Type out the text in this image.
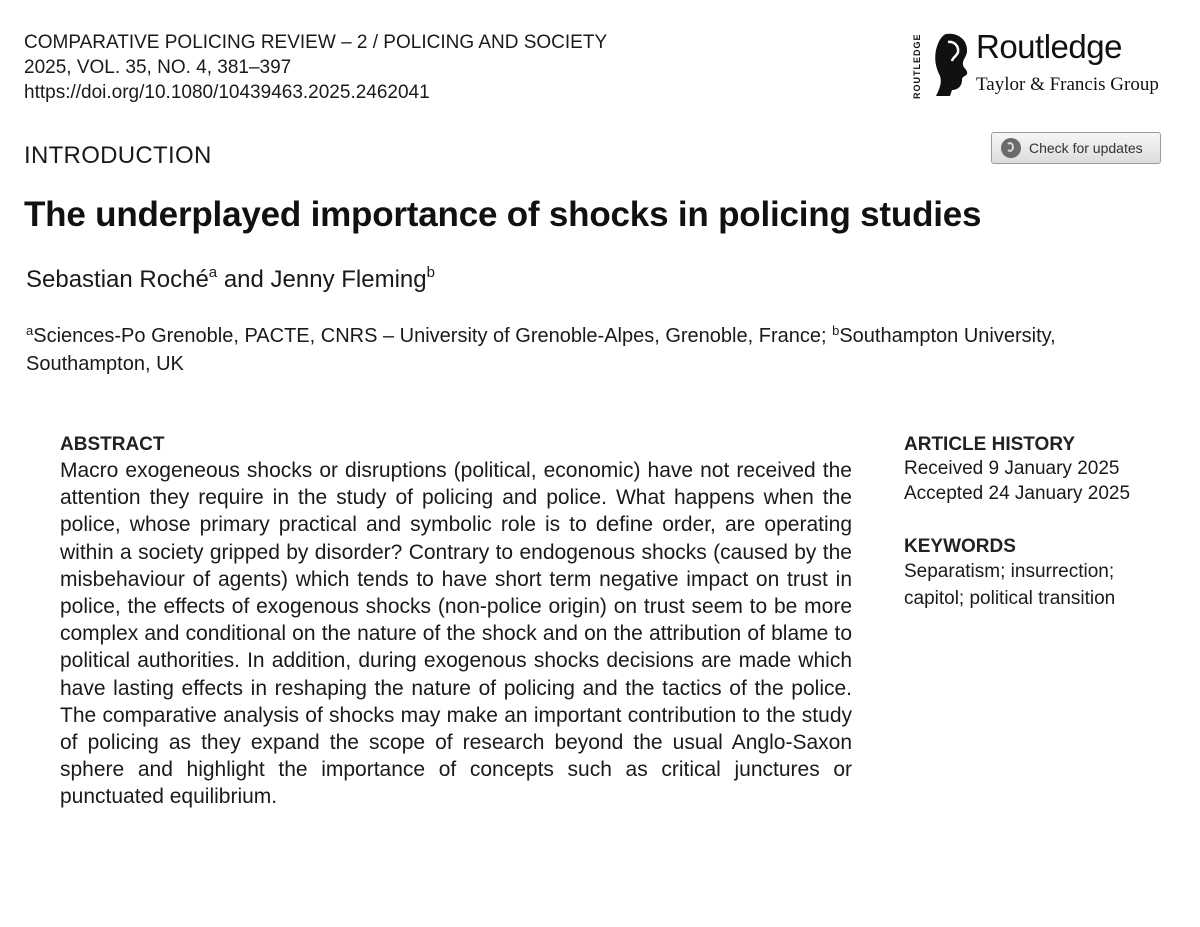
COMPARATIVE POLICING REVIEW – 2 / POLICING AND SOCIETY
2025, VOL. 35, NO. 4, 381–397
https://doi.org/10.1080/10439463.2025.2462041	ROUTLEDGE Routledge
Taylor & Francis Group
Check for updates
INTRODUCTION
The underplayed importance of shocks in policing studies
Sebastian Roché$^a$ and Jenny Fleming$^b$
$^a$Sciences-Po Grenoble, PACTE, CNRS – University of Grenoble-Alpes, Grenoble, France; $^b$Southampton University, Southampton, UK
ABSTRACT
Macro exogeneous shocks or disruptions (political, economic) have not received the attention they require in the study of policing and police. What happens when the police, whose primary practical and symbolic role is to define order, are operating within a society gripped by disorder? Contrary to endogenous shocks (caused by the misbehaviour of agents) which tends to have short term negative impact on trust in police, the effects of exogenous shocks (non-police origin) on trust seem to be more complex and conditional on the nature of the shock and on the attribution of blame to political authorities. In addition, during exogenous shocks decisions are made which have lasting effects in reshaping the nature of policing and the tactics of the police. The comparative analysis of shocks may make an important contribution to the study of policing as they expand the scope of research beyond the usual Anglo-Saxon sphere and highlight the importance of concepts such as critical junctures or punctuated equilibrium.
ARTICLE HISTORY
Received 9 January 2025
Accepted 24 January 2025
KEYWORDS
Separatism; insurrection;
capitol; political transition
